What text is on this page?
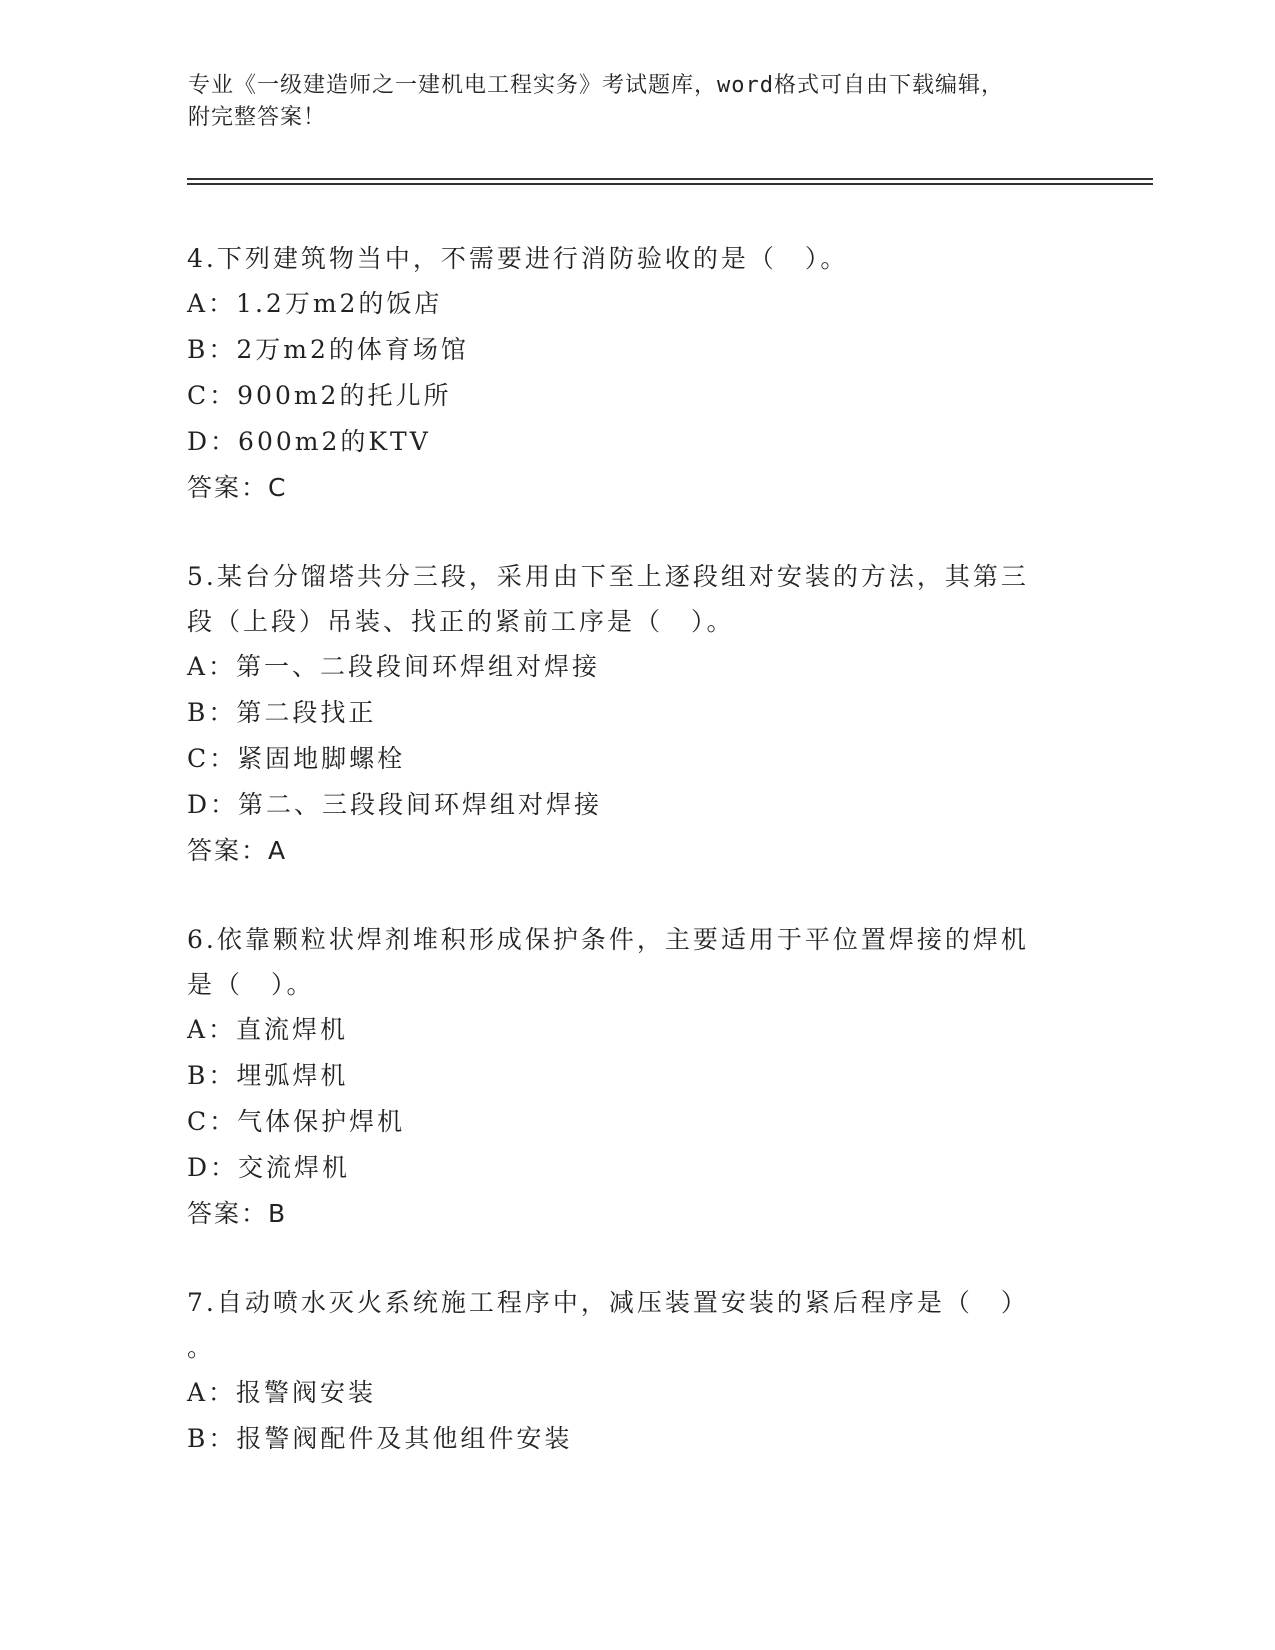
专业《一级建造师之一建机电工程实务》考试题库，word格式可自由下载编辑，
附完整答案！
4.下列建筑物当中，不需要进行消防验收的是（　）。
A：1.2万m2的饭店
B：2万m2的体育场馆
C：900m2的托儿所
D：600m2的KTV
答案：C
5.某台分馏塔共分三段，采用由下至上逐段组对安装的方法，其第三
段（上段）吊装、找正的紧前工序是（　）。
A：第一、二段段间环焊组对焊接
B：第二段找正
C：紧固地脚螺栓
D：第二、三段段间环焊组对焊接
答案：A
6.依靠颗粒状焊剂堆积形成保护条件，主要适用于平位置焊接的焊机
是（　）。
A：直流焊机
B：埋弧焊机
C：气体保护焊机
D：交流焊机
答案：B
7.自动喷水灭火系统施工程序中，减压装置安装的紧后程序是（　）
。
A：报警阀安装
B：报警阀配件及其他组件安装
